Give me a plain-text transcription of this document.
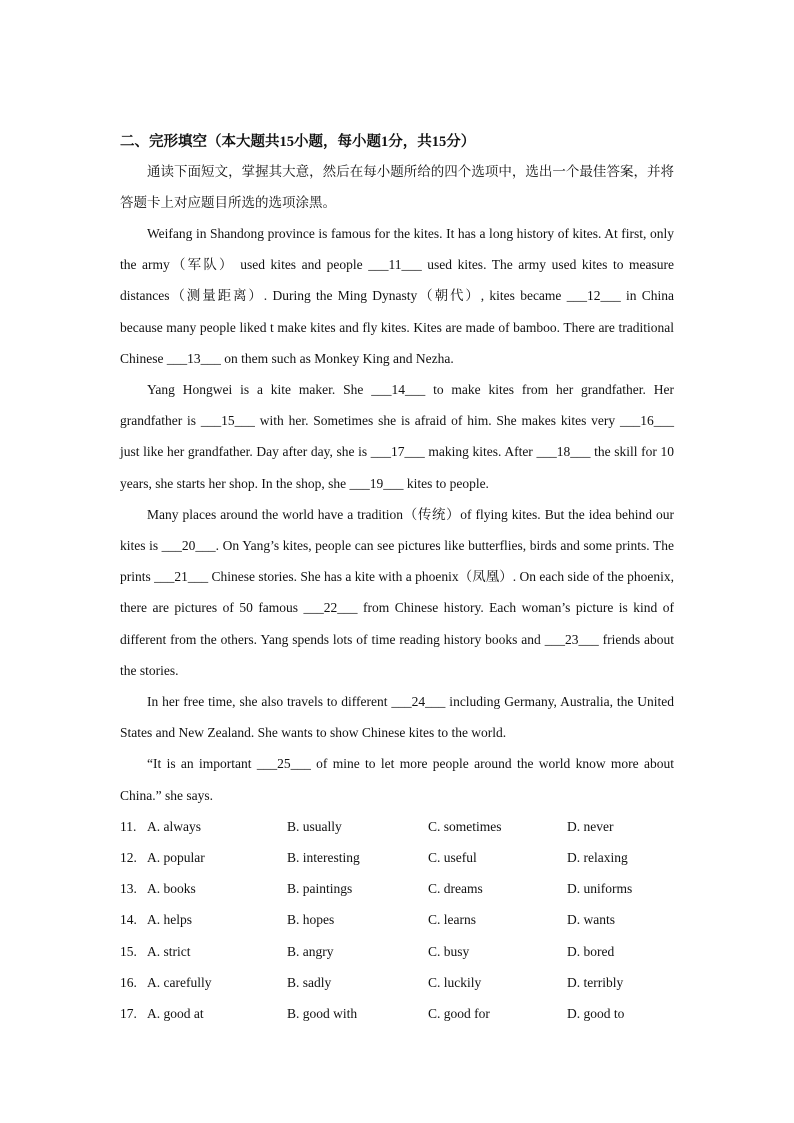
二、完形填空（本大题共15小题，每小题1分，共15分）

通读下面短文，掌握其大意，然后在每小题所给的四个选项中，选出一个最佳答案，并将答题卡上对应题目所选的选项涂黑。

Weifang in Shandong province is famous for the kites. It has a long history of kites. At first, only the army（军队） used kites and people ___11___ used kites. The army used kites to measure distances（测量距离）. During the Ming Dynasty（朝代）, kites became ___12___ in China because many people liked t make kites and fly kites. Kites are made of bamboo. There are traditional Chinese ___13___ on them such as Monkey King and Nezha.

Yang Hongwei is a kite maker. She ___14___ to make kites from her grandfather. Her grandfather is ___15___ with her. Sometimes she is afraid of him. She makes kites very ___16___ just like her grandfather. Day after day, she is ___17___ making kites. After ___18___ the skill for 10 years, she starts her shop. In the shop, she ___19___ kites to people.

Many places around the world have a tradition（传统）of flying kites. But the idea behind our kites is ___20___. On Yang’s kites, people can see pictures like butterflies, birds and some prints. The prints ___21___ Chinese stories. She has a kite with a phoenix（凤凰）. On each side of the phoenix, there are pictures of 50 famous ___22___ from Chinese history. Each woman’s picture is kind of different from the others. Yang spends lots of time reading history books and ___23___ friends about the stories.

In her free time, she also travels to different ___24___ including Germany, Australia, the United States and New Zealand. She wants to show Chinese kites to the world.

“It is an important ___25___ of mine to let more people around the world know more about China.” she says.

11. A. always	B. usually	C. sometimes	D. never
12. A. popular	B. interesting	C. useful	D. relaxing
13. A. books	B. paintings	C. dreams	D. uniforms
14. A. helps	B. hopes	C. learns	D. wants
15. A. strict	B. angry	C. busy	D. bored
16. A. carefully	B. sadly	C. luckily	D. terribly
17. A. good at	B. good with	C. good for	D. good to
